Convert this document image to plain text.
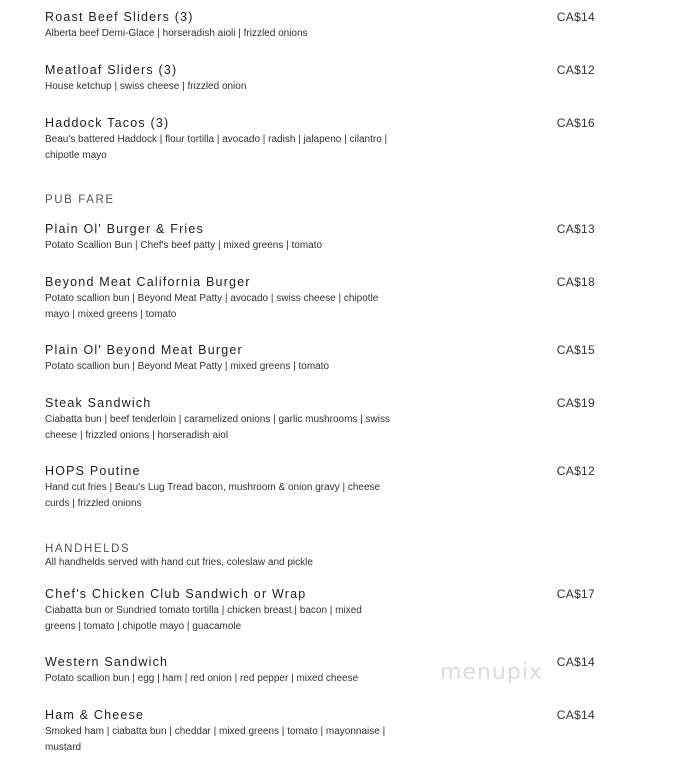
Roast Beef Sliders (3)
Alberta beef Demi-Glace | horseradish aioli | frizzled onions
CA$14
Meatloaf Sliders (3)
House ketchup | swiss cheese | frizzled onion
CA$12
Haddock Tacos (3)
Beau's battered Haddock | flour tortilla | avocado | radish | jalapeno | cilantro | chipotle mayo
CA$16
PUB FARE
Plain Ol' Burger & Fries
Potato Scallion Bun | Chef's beef patty | mixed greens | tomato
CA$13
Beyond Meat California Burger
Potato scallion bun | Beyond Meat Patty | avocado | swiss cheese | chipotle mayo | mixed greens | tomato
CA$18
Plain Ol' Beyond Meat Burger
Potato scallion bun | Beyond Meat Patty | mixed greens | tomato
CA$15
Steak Sandwich
Ciabatta bun | beef tenderloin | caramelized onions | garlic mushrooms | swiss cheese | frizzled onions | horseradish aiol
CA$19
HOPS Poutine
Hand cut fries | Beau's Lug Tread bacon, mushroom & onion gravy | cheese curds | frizzled onions
CA$12
HANDHELDS
All handhelds served with hand cut fries, coleslaw and pickle
Chef's Chicken Club Sandwich or Wrap
Ciabatta bun or Sundried tomato tortilla | chicken breast | bacon | mixed greens | tomato | chipotle mayo | guacamole
CA$17
Western Sandwich
Potato scallion bun | egg | ham | red onion | red pepper | mixed cheese
CA$14
Ham & Cheese
Smoked ham | ciabatta bun | cheddar | mixed greens | tomato | mayonnaise | mustard
CA$14
menupix
